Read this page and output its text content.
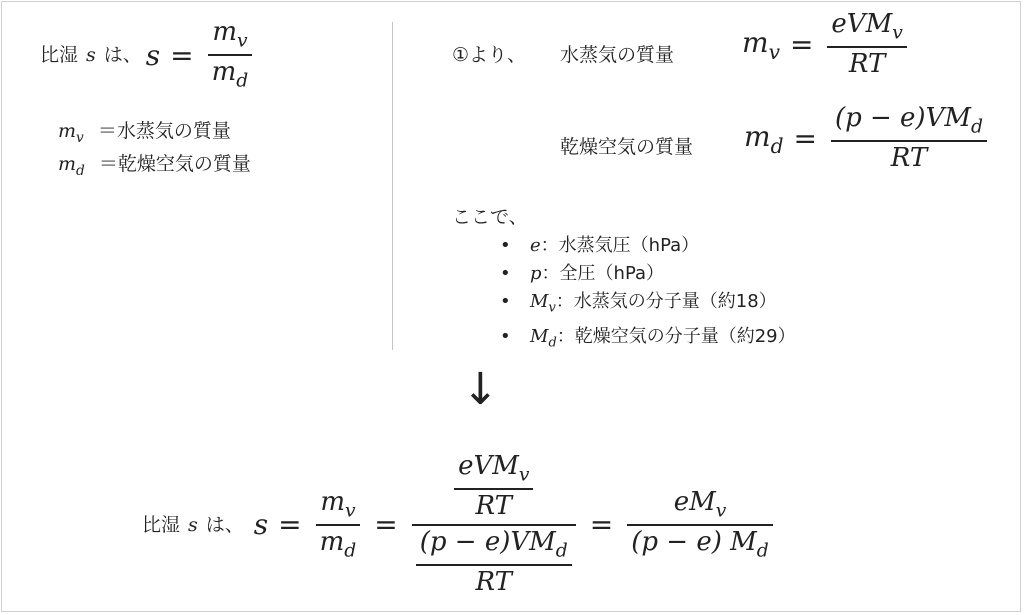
比湿 s は、 $s = \frac{m_v}{m_d}$
$m_v$ ＝水蒸気の質量
$m_d$ ＝乾燥空気の質量
①より、 水蒸気の質量 $m_v = \frac{eVM_v}{RT}$
乾燥空気の質量 $m_d = \frac{(p - e)VM_d}{RT}$
ここで、
• e：水蒸気圧（hPa）
• p：全圧（hPa）
• $M_v$：水蒸気の分子量（約18）
• $M_d$：乾燥空気の分子量（約29）
↓
比湿 s は、 $s = \frac{m_v}{m_d} = \frac{\frac{eVM_v}{RT}}{\frac{(p - e)VM_d}{RT}} = \frac{eM_v}{(p - e) M_d}$
